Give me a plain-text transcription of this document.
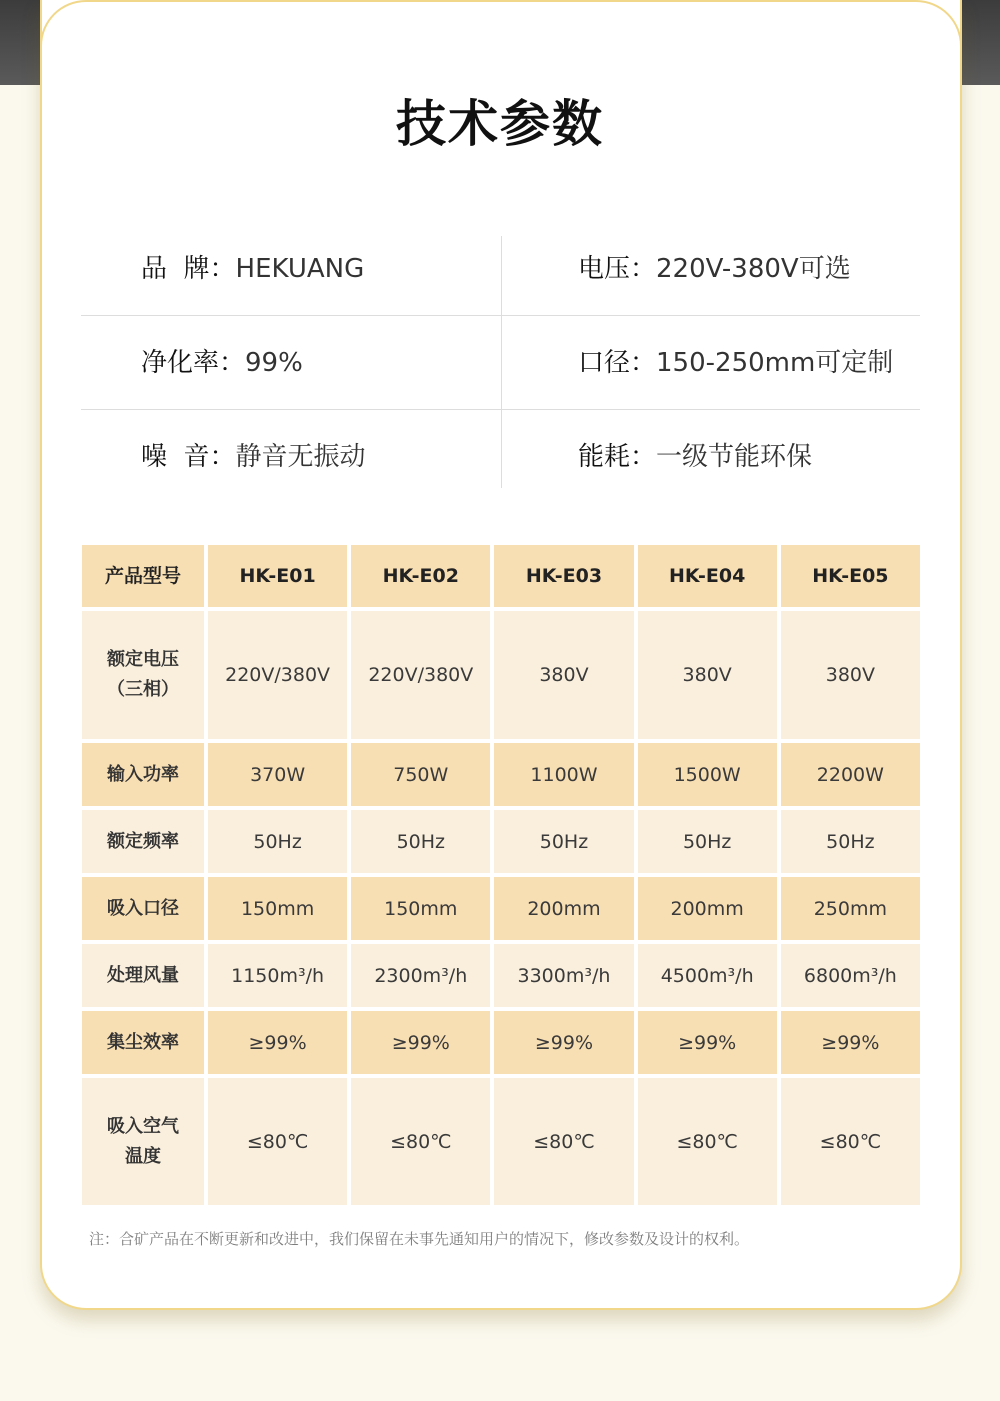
技术参数
品  牌：HEKUANG	电压：220V-380V可选
净化率：99%	口径：150-250mm可定制
噪  音：静音无振动	能耗：一级节能环保
产品型号	HK-E01	HK-E02	HK-E03	HK-E04	HK-E05
额定电压
（三相）	220V/380V	220V/380V	380V	380V	380V
输入功率	370W	750W	1100W	1500W	2200W
额定频率	50Hz	50Hz	50Hz	50Hz	50Hz
吸入口径	150mm	150mm	200mm	200mm	250mm
处理风量	1150m³/h	2300m³/h	3300m³/h	4500m³/h	6800m³/h
集尘效率	≥99%	≥99%	≥99%	≥99%	≥99%
吸入空气
温度	≤80℃	≤80℃	≤80℃	≤80℃	≤80℃
注：合矿产品在不断更新和改进中，我们保留在未事先通知用户的情况下，修改参数及设计的权利。
